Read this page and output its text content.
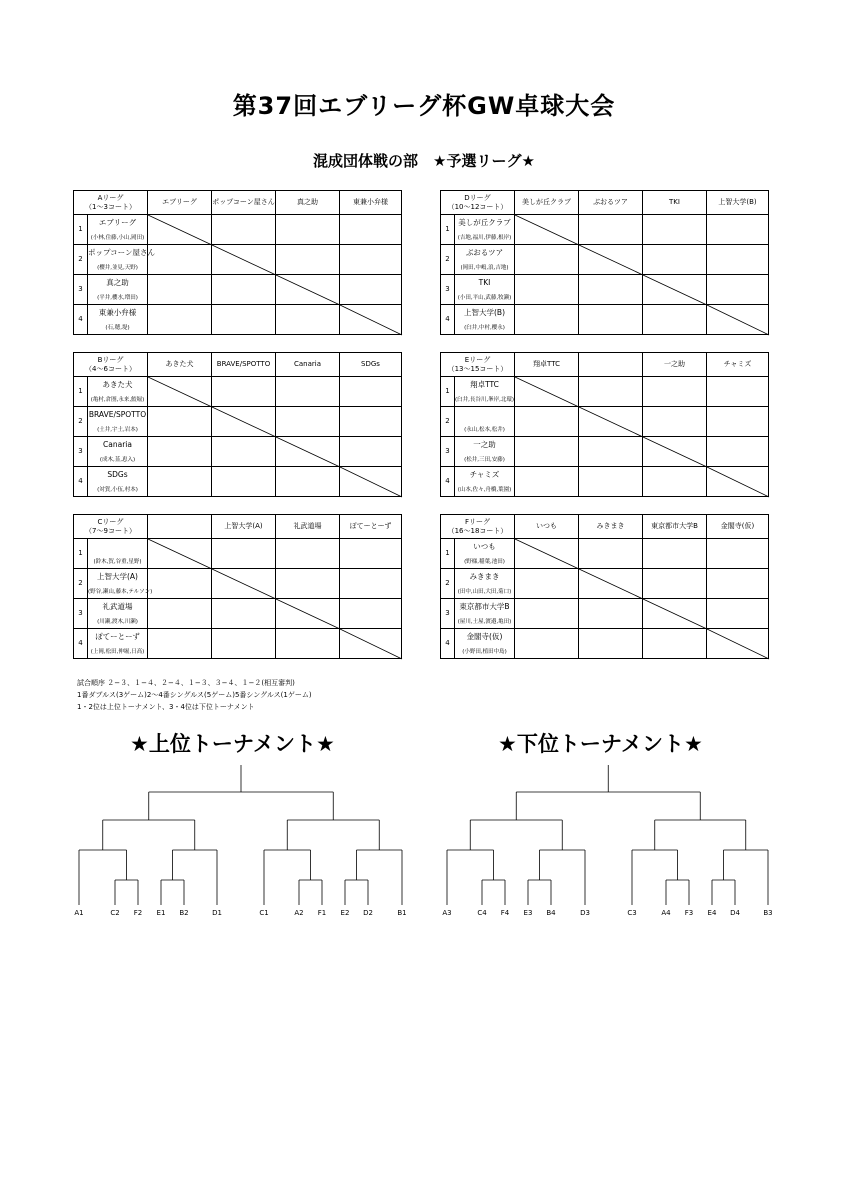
第37回エブリーグ杯GW卓球大会
混成団体戦の部　★予選リーグ★
Aリーグ
（1～3コート）		エブリーグ	ポップコーン屋さん	真之助	東兼小弁様
1	エブリーグ
(小林,住藤,小山,岡田)

2	ポップコーン屋さん
(櫻井,並見,天野)

3	真之助
(平井,櫻水,増田)

4	東兼小弁様
(石,穂,堤)

Dリーグ
（10～12コート）		美しが丘クラブ	ぶおるツア	TKI	上智大学(B)
1	美しが丘クラブ
(吉地,福川,伊藤,根岸)

2	ぶおるツア
(岡田,中嶋,浪,吉地)

3	TKI
(小田,平山,武藤,牧瀬)

4	上智大学(B)
(臼井,中村,櫻永)

Bリーグ
（4～6コート）		あきた犬	BRAVE/SPOTTO	Canaria	SDGs
1	あきた犬
(亀村,倉圏,永来,鮫堀)

2	BRAVE/SPOTTO
(土井,宇土,岩本)

3	Canaria
(成木,韮,恵入)

4	SDGs
(対賀,小伍,村本)

Eリーグ
（13～15コート）		翔卓TTC		一之助	チャミズ
1	翔卓TTC
(臼井,長谷川,峯岸,北環)

2	(永山,松本,松井)

3	一之助
(松井,三田,安藤)

4	チャミズ
(山本,佐々,舟橋,葉園)

Cリーグ
（7～9コート）			上智大学(A)	礼武道場	ぽてーとーず
1	(鈴木,賀,谷重,星野)

2	上智大学(A)
(野谷,瀬山,藤本,テルソン)

3	礼武道場
(川瀬,渡木,川瀬)

4	ぽてーとーず
(上岡,松田,伸堀,日高)

Fリーグ
（16～18コート）		いつも	みきまき	東京都市大学B	金閣寺(仮)
1	いつも
(野様,稲葉,池田)

2	みきまき
(田中,山田,大田,菊口)

3	東京都市大学B
(屋川,土屋,渡邉,亀田)

4	金閣寺(仮)
(小野田,植田中島)

試合順序 ２−３、１−４、２−４、１−３、３−４、１−２(相互審判)
1番ダブルス(3ゲーム)2～4番シングルス(5ゲーム)5番シングルス(1ゲーム)
1・2位は上位トーナメント、3・4位は下位トーナメント
★上位トーナメント★	★下位トーナメント★
A1	C2	F2	E1	B2	D1	C1	A2	F1	E2	D2	B1	A3	C4	F4	E3	B4	D3	C3	A4	F3	E4	D4	B3
